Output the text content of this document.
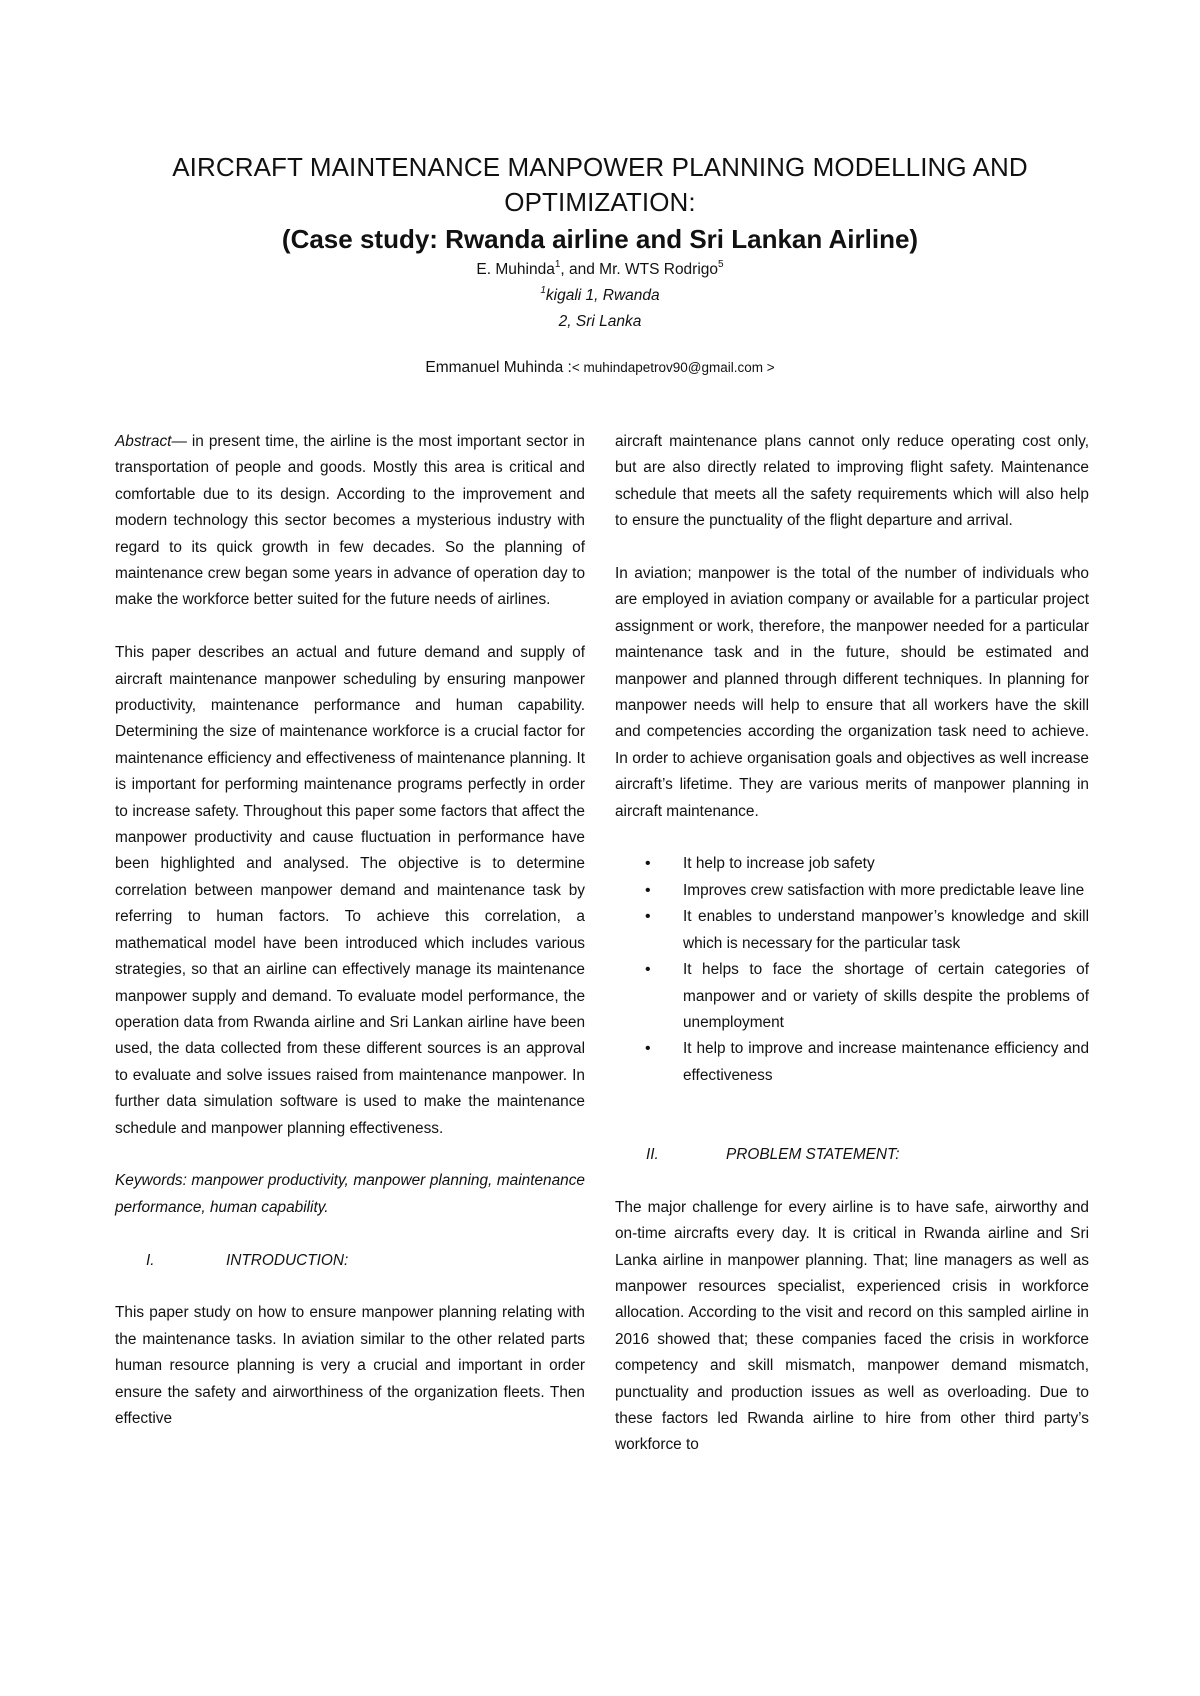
AIRCRAFT MAINTENANCE MANPOWER PLANNING MODELLING AND
OPTIMIZATION:
(Case study: Rwanda airline and Sri Lankan Airline)
E. Muhinda$^1$, and Mr. WTS Rodrigo$^5$
$^1$kigali 1, Rwanda
2, Sri Lanka
Emmanuel Muhinda :< muhindapetrov90@gmail.com >

Abstract— in present time, the airline is the most important sector in transportation of people and goods. Mostly this area is critical and comfortable due to its design. According to the improvement and modern technology this sector becomes a mysterious industry with regard to its quick growth in few decades. So the planning of maintenance crew began some years in advance of operation day to make the workforce better suited for the future needs of airlines.

This paper describes an actual and future demand and supply of aircraft maintenance manpower scheduling by ensuring manpower productivity, maintenance performance and human capability. Determining the size of maintenance workforce is a crucial factor for maintenance efficiency and effectiveness of maintenance planning. It is important for performing maintenance programs perfectly in order to increase safety. Throughout this paper some factors that affect the manpower productivity and cause fluctuation in performance have been highlighted and analysed. The objective is to determine correlation between manpower demand and maintenance task by referring to human factors. To achieve this correlation, a mathematical model have been introduced which includes various strategies, so that an airline can effectively manage its maintenance manpower supply and demand. To evaluate model performance, the operation data from Rwanda airline and Sri Lankan airline have been used, the data collected from these different sources is an approval to evaluate and solve issues raised from maintenance manpower. In further data simulation software is used to make the maintenance schedule and manpower planning effectiveness.

Keywords: manpower productivity, manpower planning, maintenance performance, human capability.

I.	INTRODUCTION:

This paper study on how to ensure manpower planning relating with the maintenance tasks. In aviation similar to the other related parts human resource planning is very a crucial and important in order ensure the safety and airworthiness of the organization fleets. Then effective

aircraft maintenance plans cannot only reduce operating cost only, but are also directly related to improving flight safety. Maintenance schedule that meets all the safety requirements which will also help to ensure the punctuality of the flight departure and arrival.

In aviation; manpower is the total of the number of individuals who are employed in aviation company or available for a particular project assignment or work, therefore, the manpower needed for a particular maintenance task and in the future, should be estimated and manpower and planned through different techniques. In planning for manpower needs will help to ensure that all workers have the skill and competencies according the organization task need to achieve. In order to achieve organisation goals and objectives as well increase aircraft’s lifetime. They are various merits of manpower planning in aircraft maintenance.

• It help to increase job safety
• Improves crew satisfaction with more predictable leave line
• It enables to understand manpower’s knowledge and skill which is necessary for the particular task
• It helps to face the shortage of certain categories of manpower and or variety of skills despite the problems of unemployment
• It help to improve and increase maintenance efficiency and effectiveness
II.	PROBLEM STATEMENT:

The major challenge for every airline is to have safe, airworthy and on-time aircrafts every day. It is critical in Rwanda airline and Sri Lanka airline in manpower planning. That; line managers as well as manpower resources specialist, experienced crisis in workforce allocation. According to the visit and record on this sampled airline in 2016 showed that; these companies faced the crisis in workforce competency and skill mismatch, manpower demand mismatch, punctuality and production issues as well as overloading. Due to these factors led Rwanda airline to hire from other third party’s workforce to
